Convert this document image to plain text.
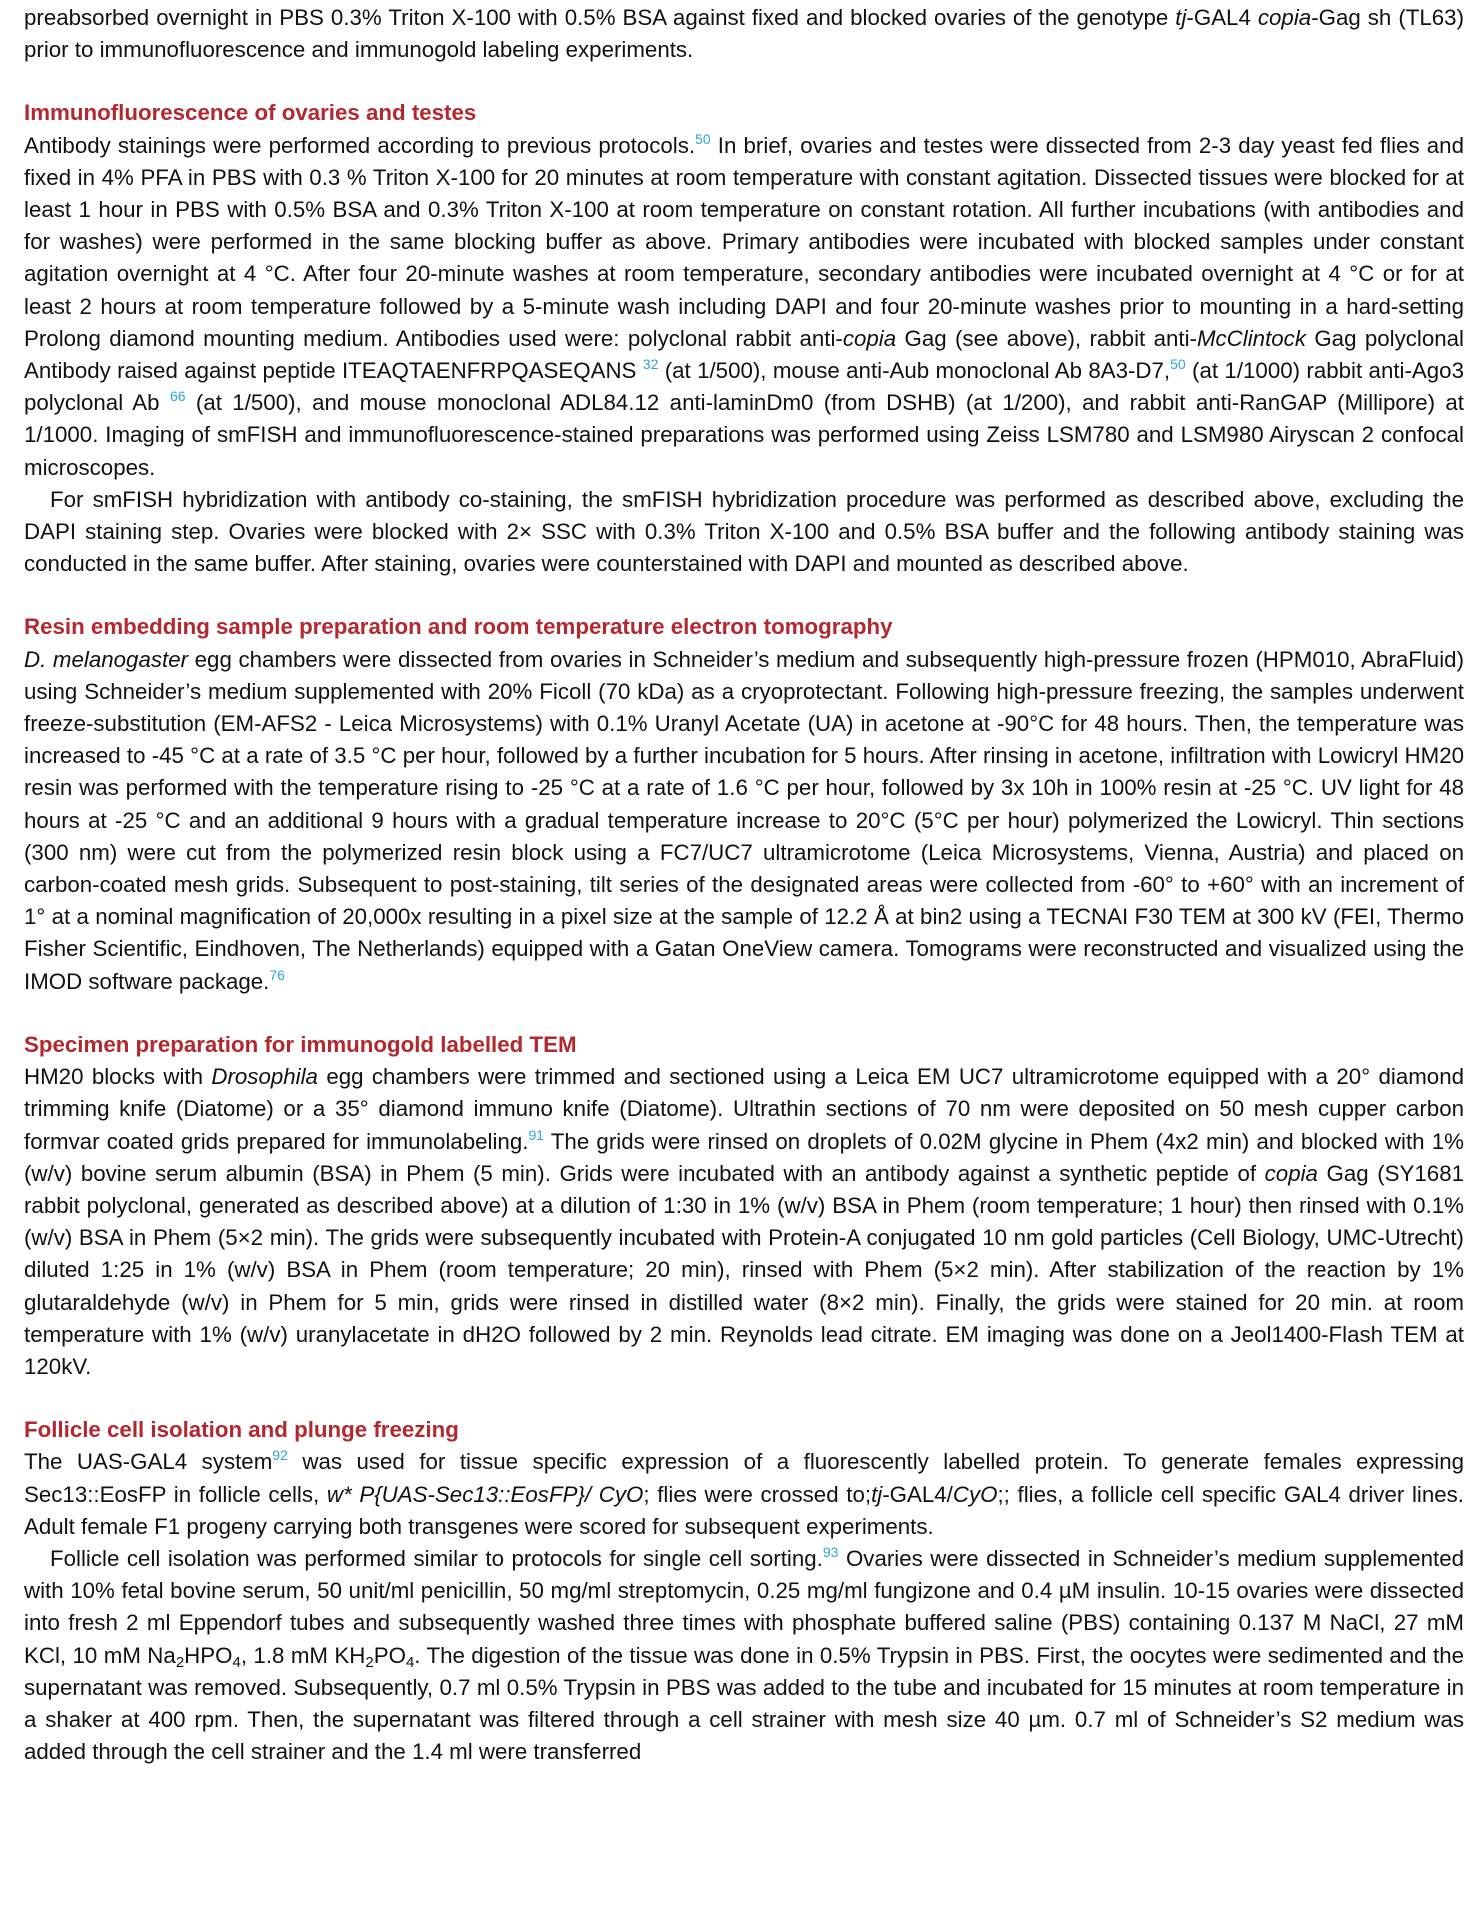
preabsorbed overnight in PBS 0.3% Triton X-100 with 0.5% BSA against fixed and blocked ovaries of the genotype tj-GAL4 copia-Gag sh (TL63) prior to immunofluorescence and immunogold labeling experiments.

Immunofluorescence of ovaries and testes

Antibody stainings were performed according to previous protocols.$^{50}$ In brief, ovaries and testes were dissected from 2-3 day yeast fed flies and fixed in 4% PFA in PBS with 0.3 % Triton X-100 for 20 minutes at room temperature with constant agitation. Dissected tissues were blocked for at least 1 hour in PBS with 0.5% BSA and 0.3% Triton X-100 at room temperature on constant rotation. All further incubations (with antibodies and for washes) were performed in the same blocking buffer as above. Primary antibodies were incubated with blocked samples under constant agitation overnight at 4 °C. After four 20-minute washes at room temperature, secondary antibodies were incubated overnight at 4 °C or for at least 2 hours at room temperature followed by a 5-minute wash including DAPI and four 20-minute washes prior to mounting in a hard-setting Prolong diamond mounting medium. Antibodies used were: polyclonal rabbit anti-copia Gag (see above), rabbit anti-McClintock Gag polyclonal Antibody raised against peptide ITEAQTAENFRPQASEQANS $^{32}$ (at 1/500), mouse anti-Aub monoclonal Ab 8A3-D7,50 (at 1/1000) rabbit anti-Ago3 polyclonal Ab $^{66}$ (at 1/500), and mouse monoclonal ADL84.12 anti-laminDm0 (from DSHB) (at 1/200), and rabbit anti-RanGAP (Millipore) at 1/1000. Imaging of smFISH and immunofluorescence-stained preparations was performed using Zeiss LSM780 and LSM980 Airyscan 2 confocal microscopes.

For smFISH hybridization with antibody co-staining, the smFISH hybridization procedure was performed as described above, excluding the DAPI staining step. Ovaries were blocked with 2× SSC with 0.3% Triton X-100 and 0.5% BSA buffer and the following antibody staining was conducted in the same buffer. After staining, ovaries were counterstained with DAPI and mounted as described above.

Resin embedding sample preparation and room temperature electron tomography

D. melanogaster egg chambers were dissected from ovaries in Schneider’s medium and subsequently high-pressure frozen (HPM010, AbraFluid) using Schneider’s medium supplemented with 20% Ficoll (70 kDa) as a cryoprotectant. Following high-pressure freezing, the samples underwent freeze-substitution (EM-AFS2 - Leica Microsystems) with 0.1% Uranyl Acetate (UA) in acetone at -90°C for 48 hours. Then, the temperature was increased to -45 °C at a rate of 3.5 °C per hour, followed by a further incubation for 5 hours. After rinsing in acetone, infiltration with Lowicryl HM20 resin was performed with the temperature rising to -25 °C at a rate of 1.6 °C per hour, followed by 3x 10h in 100% resin at -25 °C. UV light for 48 hours at -25 °C and an additional 9 hours with a gradual temperature increase to 20°C (5°C per hour) polymerized the Lowicryl. Thin sections (300 nm) were cut from the polymerized resin block using a FC7/UC7 ultramicrotome (Leica Microsystems, Vienna, Austria) and placed on carbon-coated mesh grids. Subsequent to post-staining, tilt series of the designated areas were collected from -60° to +60° with an increment of 1° at a nominal magnification of 20,000x resulting in a pixel size at the sample of 12.2 Å at bin2 using a TECNAI F30 TEM at 300 kV (FEI, Thermo Fisher Scientific, Eindhoven, The Netherlands) equipped with a Gatan OneView camera. Tomograms were reconstructed and visualized using the IMOD software package.$^{76}$

Specimen preparation for immunogold labelled TEM

HM20 blocks with Drosophila egg chambers were trimmed and sectioned using a Leica EM UC7 ultramicrotome equipped with a 20° diamond trimming knife (Diatome) or a 35° diamond immuno knife (Diatome). Ultrathin sections of 70 nm were deposited on 50 mesh cupper carbon formvar coated grids prepared for immunolabeling.$^{91}$ The grids were rinsed on droplets of 0.02M glycine in Phem (4x2 min) and blocked with 1% (w/v) bovine serum albumin (BSA) in Phem (5 min). Grids were incubated with an antibody against a synthetic peptide of copia Gag (SY1681 rabbit polyclonal, generated as described above) at a dilution of 1:30 in 1% (w/v) BSA in Phem (room temperature; 1 hour) then rinsed with 0.1% (w/v) BSA in Phem (5×2 min). The grids were subsequently incubated with Protein-A conjugated 10 nm gold particles (Cell Biology, UMC-Utrecht) diluted 1:25 in 1% (w/v) BSA in Phem (room temperature; 20 min), rinsed with Phem (5×2 min). After stabilization of the reaction by 1% glutaraldehyde (w/v) in Phem for 5 min, grids were rinsed in distilled water (8×2 min). Finally, the grids were stained for 20 min. at room temperature with 1% (w/v) uranylacetate in dH2O followed by 2 min. Reynolds lead citrate. EM imaging was done on a Jeol1400-Flash TEM at 120kV.

Follicle cell isolation and plunge freezing

The UAS-GAL4 system$^{92}$ was used for tissue specific expression of a fluorescently labelled protein. To generate females expressing Sec13::EosFP in follicle cells, w* P{UAS-Sec13::EosFP}/ CyO; flies were crossed to;tj-GAL4/CyO;; flies, a follicle cell specific GAL4 driver lines. Adult female F1 progeny carrying both transgenes were scored for subsequent experiments.

Follicle cell isolation was performed similar to protocols for single cell sorting.$^{93}$ Ovaries were dissected in Schneider’s medium supplemented with 10% fetal bovine serum, 50 unit/ml penicillin, 50 mg/ml streptomycin, 0.25 mg/ml fungizone and 0.4 µM insulin. 10-15 ovaries were dissected into fresh 2 ml Eppendorf tubes and subsequently washed three times with phosphate buffered saline (PBS) containing 0.137 M NaCl, 27 mM KCl, 10 mM $Na_2HPO_4$, 1.8 mM $KH_2PO_4$. The digestion of the tissue was done in 0.5% Trypsin in PBS. First, the oocytes were sedimented and the supernatant was removed. Subsequently, 0.7 ml 0.5% Trypsin in PBS was added to the tube and incubated for 15 minutes at room temperature in a shaker at 400 rpm. Then, the supernatant was filtered through a cell strainer with mesh size 40 µm. 0.7 ml of Schneider’s S2 medium was added through the cell strainer and the 1.4 ml were transferred
